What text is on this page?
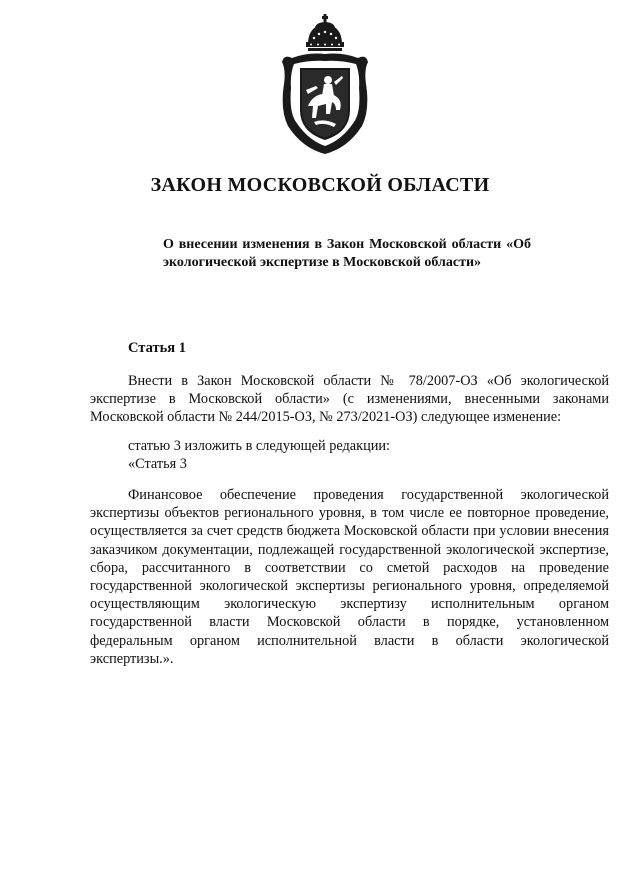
ЗАКОН МОСКОВСКОЙ ОБЛАСТИ

О внесении изменения в Закон Московской области «Об экологической экспертизе в Московской области»

Статья 1

Внести в Закон Московской области № 78/2007-ОЗ «Об экологической экспертизе в Московской области» (с изменениями, внесенными законами Московской области № 244/2015-ОЗ, № 273/2021-ОЗ) следующее изменение:

статью 3 изложить в следующей редакции:

«Статья 3

Финансовое обеспечение проведения государственной экологической экспертизы объектов регионального уровня, в том числе ее повторное проведение, осуществляется за счет средств бюджета Московской области при условии внесения заказчиком документации, подлежащей государственной экологической экспертизе, сбора, рассчитанного в соответствии со сметой расходов на проведение государственной экологической экспертизы регионального уровня, определяемой осуществляющим экологическую экспертизу исполнительным органом государственной власти Московской области в порядке, установленном федеральным органом исполнительной власти в области экологической экспертизы.».
